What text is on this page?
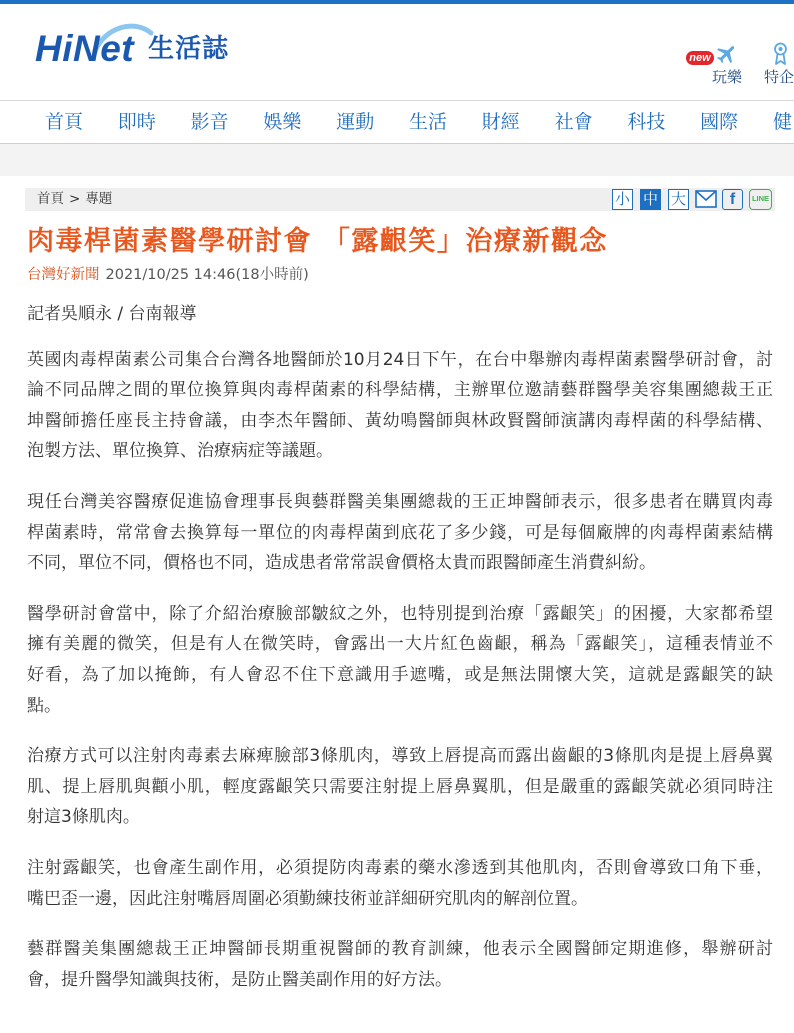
HiNet 生活誌	new
玩樂 特企
首頁	即時	影音	娛樂	運動	生活	財經	社會	科技	國際	健
首頁 > 專題	小 中 大	f	LINE
肉毒桿菌素醫學研討會 「露齦笑」治療新觀念
台灣好新聞 2021/10/25 14:46(18小時前)

記者吳順永 / 台南報導

英國肉毒桿菌素公司集合台灣各地醫師於10月24日下午，在台中舉辦肉毒桿菌素醫學研討會，討
論不同品牌之間的單位換算與肉毒桿菌素的科學結構，主辦單位邀請藝群醫學美容集團總裁王正
坤醫師擔任座長主持會議，由李杰年醫師、黃幼鳴醫師與林政賢醫師演講肉毒桿菌的科學結構、
泡製方法、單位換算、治療病症等議題。
現任台灣美容醫療促進協會理事長與藝群醫美集團總裁的王正坤醫師表示，很多患者在購買肉毒
桿菌素時，常常會去換算每一單位的肉毒桿菌到底花了多少錢，可是每個廠牌的肉毒桿菌素結構
不同，單位不同，價格也不同，造成患者常常誤會價格太貴而跟醫師產生消費糾紛。
醫學研討會當中，除了介紹治療臉部皺紋之外，也特別提到治療「露齦笑」的困擾，大家都希望
擁有美麗的微笑，但是有人在微笑時，會露出一大片紅色齒齦，稱為「露齦笑」，這種表情並不
好看，為了加以掩飾，有人會忍不住下意識用手遮嘴，或是無法開懷大笑，這就是露齦笑的缺
點。
治療方式可以注射肉毒素去麻痺臉部3條肌肉，導致上唇提高而露出齒齦的3條肌肉是提上唇鼻翼
肌、提上唇肌與顴小肌，輕度露齦笑只需要注射提上唇鼻翼肌，但是嚴重的露齦笑就必須同時注
射這3條肌肉。
注射露齦笑，也會產生副作用，必須提防肉毒素的藥水滲透到其他肌肉，否則會導致口角下垂，
嘴巴歪一邊，因此注射嘴唇周圍必須勤練技術並詳細研究肌肉的解剖位置。
藝群醫美集團總裁王正坤醫師長期重視醫師的教育訓練，他表示全國醫師定期進修，舉辦研討
會，提升醫學知識與技術，是防止醫美副作用的好方法。
